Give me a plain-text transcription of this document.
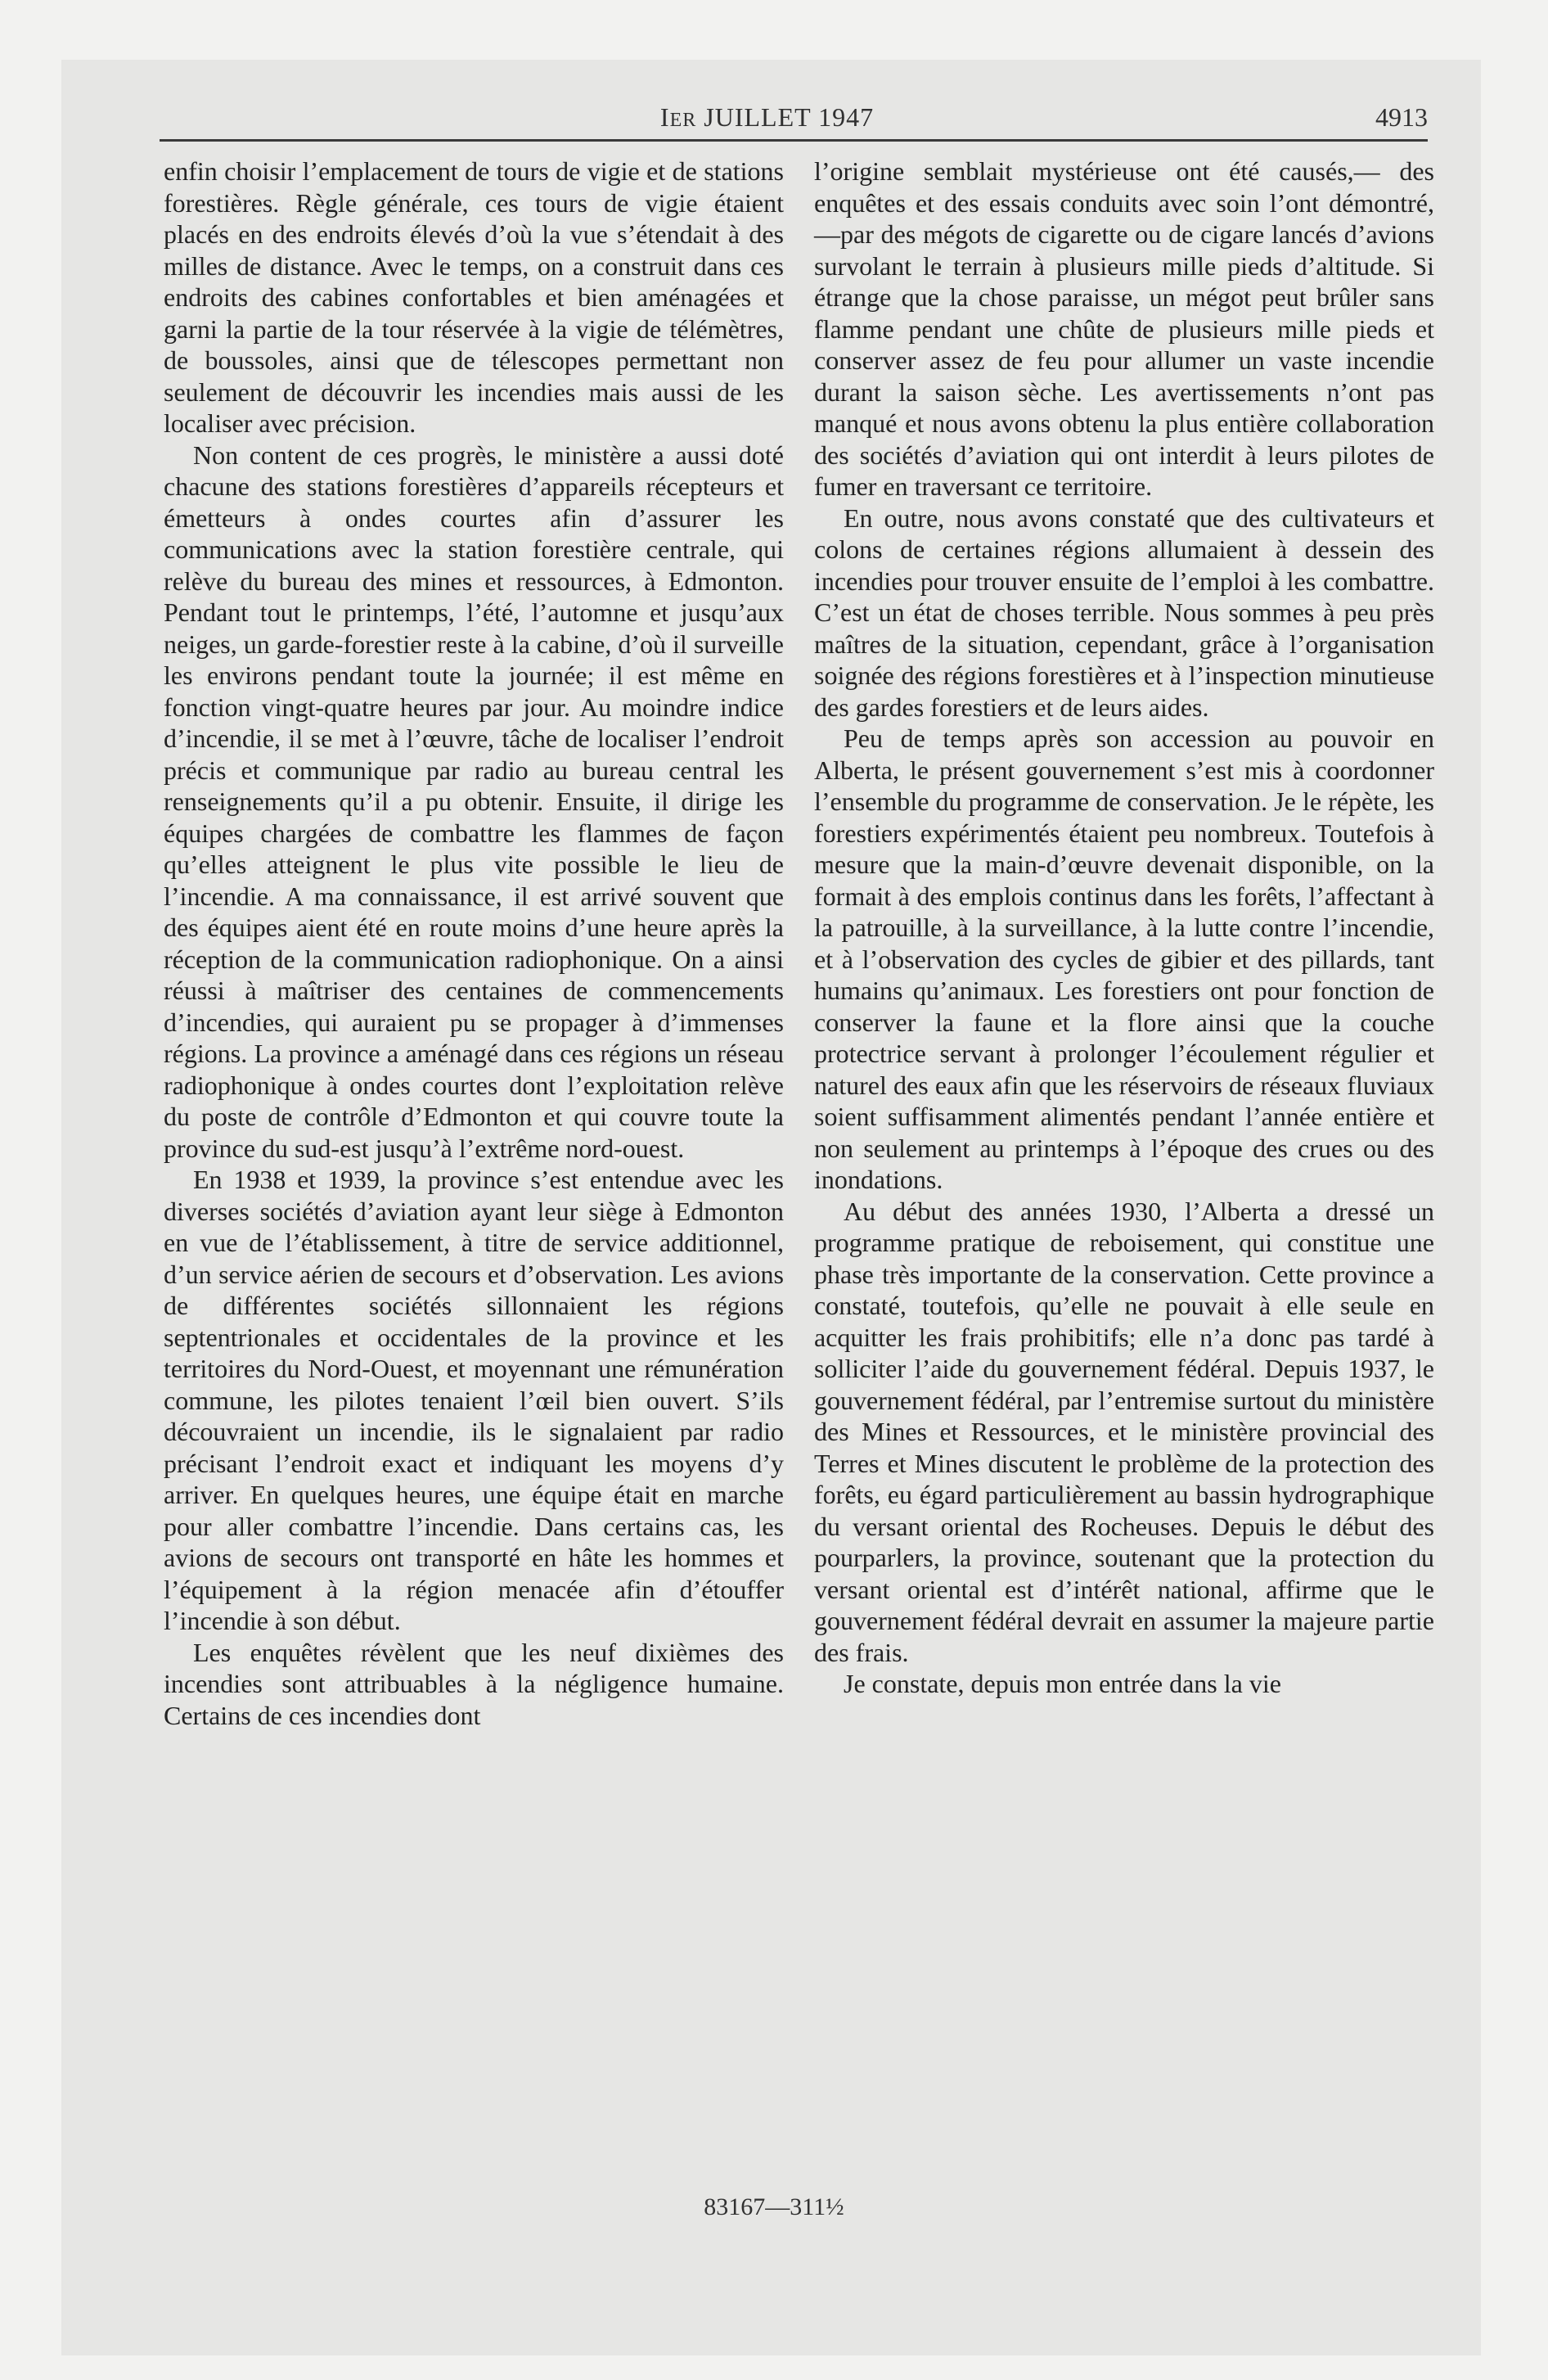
IER JUILLET 1947	4913

enfin choisir l’emplacement de tours de vigie et de stations forestières. Règle générale, ces tours de vigie étaient placés en des endroits élevés d’où la vue s’étendait à des milles de distance. Avec le temps, on a construit dans ces endroits des cabines confortables et bien aménagées et garni la partie de la tour réservée à la vigie de télémètres, de boussoles, ainsi que de télescopes permettant non seulement de découvrir les incendies mais aussi de les localiser avec précision.

Non content de ces progrès, le ministère a aussi doté chacune des stations forestières d’appareils récepteurs et émetteurs à ondes courtes afin d’assurer les communications avec la station forestière centrale, qui relève du bureau des mines et ressources, à Edmonton. Pendant tout le printemps, l’été, l’automne et jusqu’aux neiges, un garde-forestier reste à la cabine, d’où il surveille les environs pendant toute la journée; il est même en fonction vingt-quatre heures par jour. Au moindre indice d’incendie, il se met à l’œuvre, tâche de localiser l’endroit précis et communique par radio au bureau central les renseignements qu’il a pu obtenir. Ensuite, il dirige les équipes chargées de combattre les flammes de façon qu’elles atteignent le plus vite possible le lieu de l’incendie. A ma connaissance, il est arrivé souvent que des équipes aient été en route moins d’une heure après la réception de la communication radiophonique. On a ainsi réussi à maîtriser des centaines de commencements d’incendies, qui auraient pu se propager à d’immenses régions. La province a aménagé dans ces régions un réseau radiophonique à ondes courtes dont l’exploitation relève du poste de contrôle d’Edmonton et qui couvre toute la province du sud-est jusqu’à l’extrême nord-ouest.

En 1938 et 1939, la province s’est entendue avec les diverses sociétés d’aviation ayant leur siège à Edmonton en vue de l’établissement, à titre de service additionnel, d’un service aérien de secours et d’observation. Les avions de différentes sociétés sillonnaient les régions septentrionales et occidentales de la province et les territoires du Nord-Ouest, et moyennant une rémunération commune, les pilotes tenaient l’œil bien ouvert. S’ils découvraient un incendie, ils le signalaient par radio précisant l’endroit exact et indiquant les moyens d’y arriver. En quelques heures, une équipe était en marche pour aller combattre l’incendie. Dans certains cas, les avions de secours ont transporté en hâte les hommes et l’équipement à la région menacée afin d’étouffer l’incendie à son début.

Les enquêtes révèlent que les neuf dixièmes des incendies sont attribuables à la négligence humaine. Certains de ces incendies dont

l’origine semblait mystérieuse ont été causés,— des enquêtes et des essais conduits avec soin l’ont démontré,—par des mégots de cigarette ou de cigare lancés d’avions survolant le terrain à plusieurs mille pieds d’altitude. Si étrange que la chose paraisse, un mégot peut brûler sans flamme pendant une chûte de plusieurs mille pieds et conserver assez de feu pour allumer un vaste incendie durant la saison sèche. Les avertissements n’ont pas manqué et nous avons obtenu la plus entière collaboration des sociétés d’aviation qui ont interdit à leurs pilotes de fumer en traversant ce territoire.

En outre, nous avons constaté que des cultivateurs et colons de certaines régions allumaient à dessein des incendies pour trouver ensuite de l’emploi à les combattre. C’est un état de choses terrible. Nous sommes à peu près maîtres de la situation, cependant, grâce à l’organisation soignée des régions forestières et à l’inspection minutieuse des gardes forestiers et de leurs aides.

Peu de temps après son accession au pouvoir en Alberta, le présent gouvernement s’est mis à coordonner l’ensemble du programme de conservation. Je le répète, les forestiers expérimentés étaient peu nombreux. Toutefois à mesure que la main-d’œuvre devenait disponible, on la formait à des emplois continus dans les forêts, l’affectant à la patrouille, à la surveillance, à la lutte contre l’incendie, et à l’observation des cycles de gibier et des pillards, tant humains qu’animaux. Les forestiers ont pour fonction de conserver la faune et la flore ainsi que la couche protectrice servant à prolonger l’écoulement régulier et naturel des eaux afin que les réservoirs de réseaux fluviaux soient suffisamment alimentés pendant l’année entière et non seulement au printemps à l’époque des crues ou des inondations.

Au début des années 1930, l’Alberta a dressé un programme pratique de reboisement, qui constitue une phase très importante de la conservation. Cette province a constaté, toutefois, qu’elle ne pouvait à elle seule en acquitter les frais prohibitifs; elle n’a donc pas tardé à solliciter l’aide du gouvernement fédéral. Depuis 1937, le gouvernement fédéral, par l’entremise surtout du ministère des Mines et Ressources, et le ministère provincial des Terres et Mines discutent le problème de la protection des forêts, eu égard particulièrement au bassin hydrographique du versant oriental des Rocheuses. Depuis le début des pourparlers, la province, soutenant que la protection du versant oriental est d’intérêt national, affirme que le gouvernement fédéral devrait en assumer la majeure partie des frais.

Je constate, depuis mon entrée dans la vie

83167—311½
